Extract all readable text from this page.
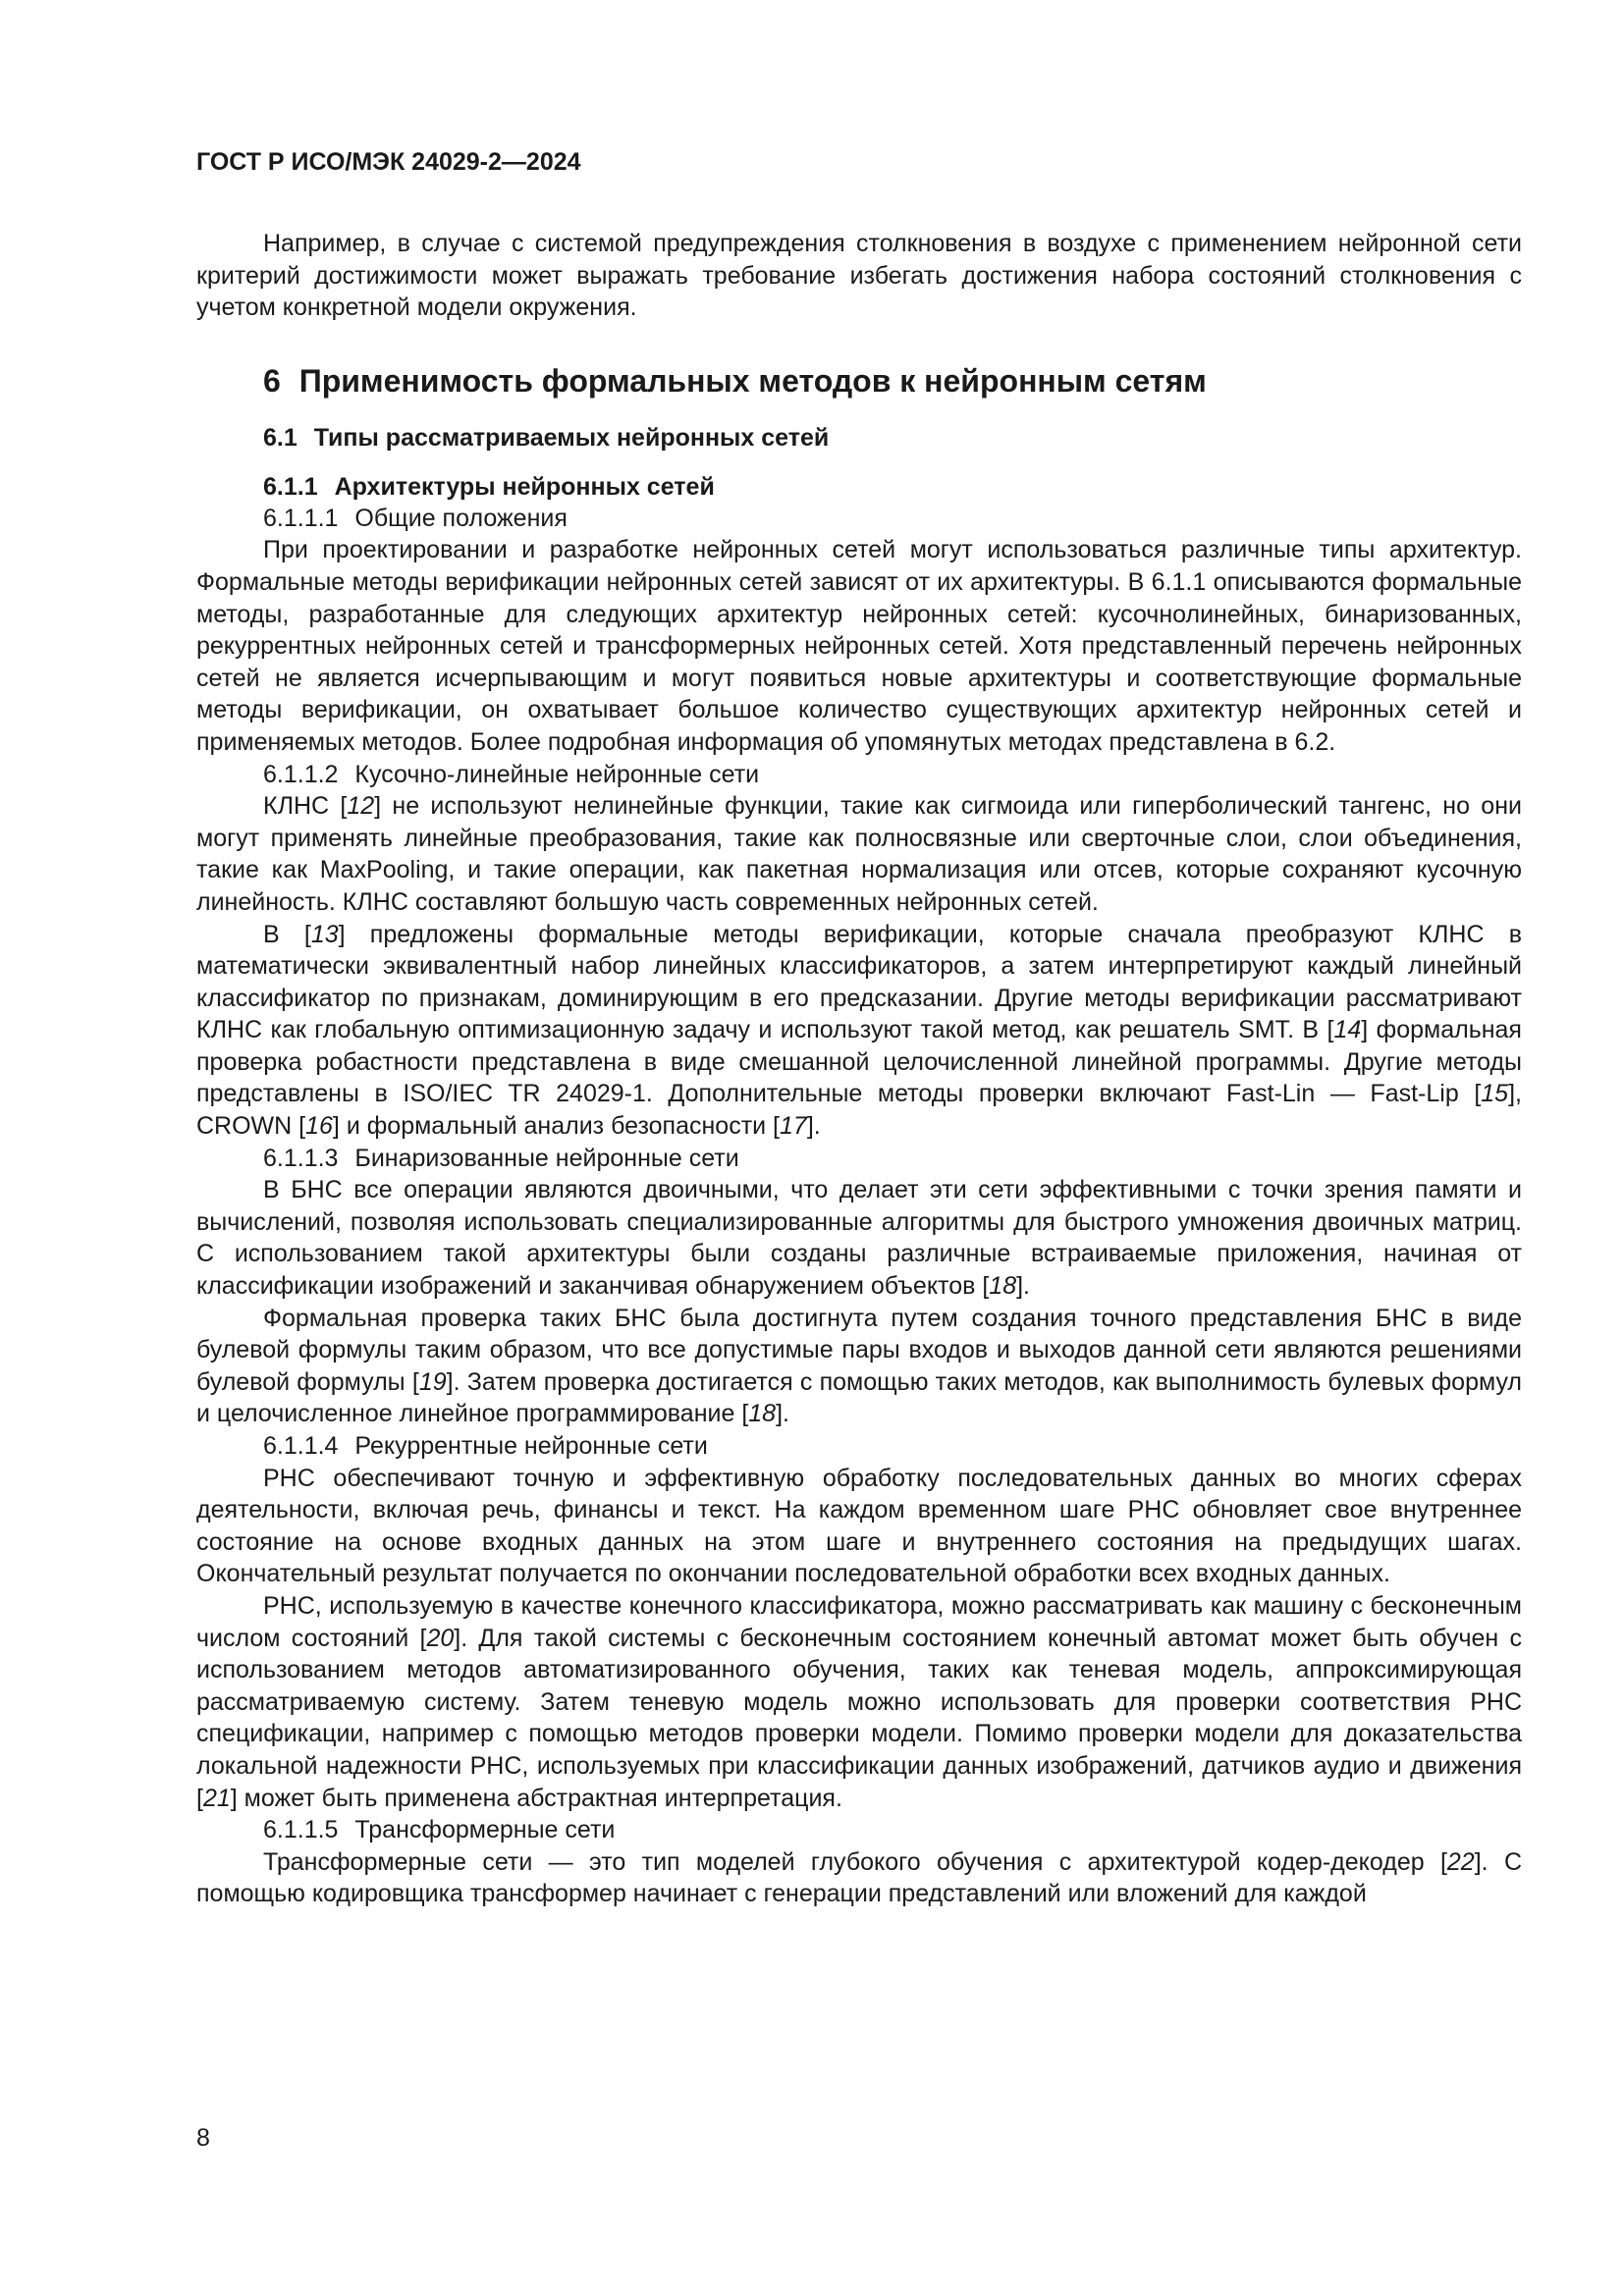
ГОСТ Р ИСО/МЭК 24029-2—2024

Например, в случае с системой предупреждения столкновения в воздухе с применением нейронной сети критерий достижимости может выражать требование избегать достижения набора состояний столкновения с учетом конкретной модели окружения.

6 Применимость формальных методов к нейронным сетям
6.1 Типы рассматриваемых нейронных сетей
6.1.1 Архитектуры нейронных сетей

6.1.1.1 Общие положения

При проектировании и разработке нейронных сетей могут использоваться различные типы архитектур. Формальные методы верификации нейронных сетей зависят от их архитектуры. В 6.1.1 описываются формальные методы, разработанные для следующих архитектур нейронных сетей: кусочнолинейных, бинаризованных, рекуррентных нейронных сетей и трансформерных нейронных сетей. Хотя представленный перечень нейронных сетей не является исчерпывающим и могут появиться новые архитектуры и соответствующие формальные методы верификации, он охватывает большое количество существующих архитектур нейронных сетей и применяемых методов. Более подробная информация об упомянутых методах представлена в 6.2.

6.1.1.2 Кусочно-линейные нейронные сети

КЛНС [12] не используют нелинейные функции, такие как сигмоида или гиперболический тангенс, но они могут применять линейные преобразования, такие как полносвязные или сверточные слои, слои объединения, такие как MaxPooling, и такие операции, как пакетная нормализация или отсев, которые сохраняют кусочную линейность. КЛНС составляют большую часть современных нейронных сетей.

В [13] предложены формальные методы верификации, которые сначала преобразуют КЛНС в математически эквивалентный набор линейных классификаторов, а затем интерпретируют каждый линейный классификатор по признакам, доминирующим в его предсказании. Другие методы верификации рассматривают КЛНС как глобальную оптимизационную задачу и используют такой метод, как решатель SMT. В [14] формальная проверка робастности представлена в виде смешанной целочисленной линейной программы. Другие методы представлены в ISO/IEC TR 24029-1. Дополнительные методы проверки включают Fast-Lin — Fast-Lip [15], CROWN [16] и формальный анализ безопасности [17].

6.1.1.3 Бинаризованные нейронные сети

В БНС все операции являются двоичными, что делает эти сети эффективными с точки зрения памяти и вычислений, позволяя использовать специализированные алгоритмы для быстрого умножения двоичных матриц. С использованием такой архитектуры были созданы различные встраиваемые приложения, начиная от классификации изображений и заканчивая обнаружением объектов [18].

Формальная проверка таких БНС была достигнута путем создания точного представления БНС в виде булевой формулы таким образом, что все допустимые пары входов и выходов данной сети являются решениями булевой формулы [19]. Затем проверка достигается с помощью таких методов, как выполнимость булевых формул и целочисленное линейное программирование [18].

6.1.1.4 Рекуррентные нейронные сети

РНС обеспечивают точную и эффективную обработку последовательных данных во многих сферах деятельности, включая речь, финансы и текст. На каждом временном шаге РНС обновляет свое внутреннее состояние на основе входных данных на этом шаге и внутреннего состояния на предыдущих шагах. Окончательный результат получается по окончании последовательной обработки всех входных данных.

РНС, используемую в качестве конечного классификатора, можно рассматривать как машину с бесконечным числом состояний [20]. Для такой системы с бесконечным состоянием конечный автомат может быть обучен с использованием методов автоматизированного обучения, таких как теневая модель, аппроксимирующая рассматриваемую систему. Затем теневую модель можно использовать для проверки соответствия РНС спецификации, например с помощью методов проверки модели. Помимо проверки модели для доказательства локальной надежности РНС, используемых при классификации данных изображений, датчиков аудио и движения [21] может быть применена абстрактная интерпретация.

6.1.1.5 Трансформерные сети

Трансформерные сети — это тип моделей глубокого обучения с архитектурой кодер-декодер [22]. С помощью кодировщика трансформер начинает с генерации представлений или вложений для каждой

8
